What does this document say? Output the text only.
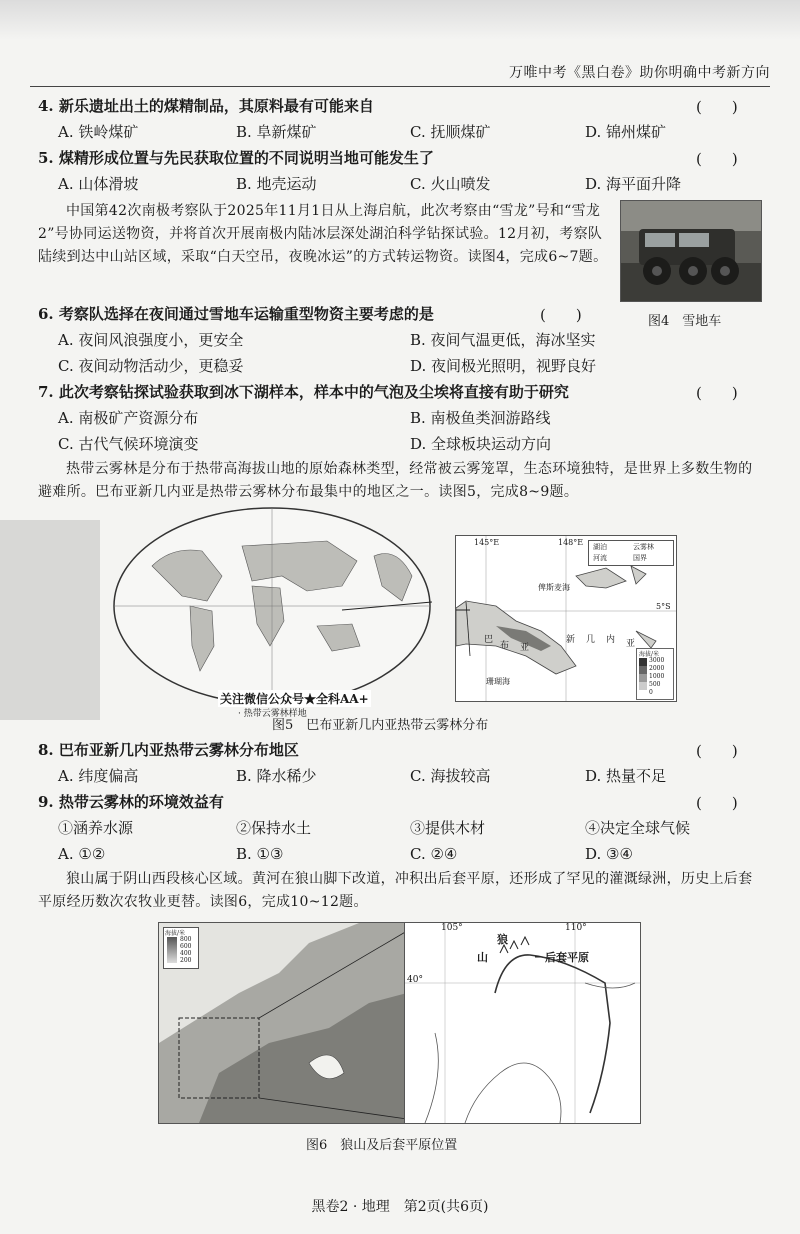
万唯中考《黑白卷》助你明确中考新方向
4. 新乐遗址出土的煤精制品，其原料最有可能来自	(　　)
A. 铁岭煤矿	B. 阜新煤矿	C. 抚顺煤矿	D. 锦州煤矿
5. 煤精形成位置与先民获取位置的不同说明当地可能发生了	(　　)
A. 山体滑坡	B. 地壳运动	C. 火山喷发	D. 海平面升降
中国第42次南极考察队于2025年11月1日从上海启航，此次考察由“雪龙”号和“雪龙2”号协同运送物资，并将首次开展南极内陆冰层深处湖泊科学钻探试验。12月初，考察队陆续到达中山站区域，采取“白天空吊，夜晚冰运”的方式转运物资。读图4，完成6~7题。
图4　雪地车
6. 考察队选择在夜间通过雪地车运输重型物资主要考虑的是	(　　)
A. 夜间风浪强度小，更安全	B. 夜间气温更低，海冰坚实
C. 夜间动物活动少，更稳妥	D. 夜间极光照明，视野良好
7. 此次考察钻探试验获取到冰下湖样本，样本中的气泡及尘埃将直接有助于研究	(　　)
A. 南极矿产资源分布	B. 南极鱼类洄游路线
C. 古代气候环境演变	D. 全球板块运动方向
热带云雾林是分布于热带高海拔山地的原始森林类型，经常被云雾笼罩，生态环境独特，是世界上多数生物的避难所。巴布亚新几内亚是热带云雾林分布最集中的地区之一。读图5，完成8~9题。
关注微信公众号★全科AA+
· 热带云雾林样地
145°E	148°E
5°S
湖泊	云雾林
河流	国界
俾斯麦海
巴
布 亚
新 几 内 亚
珊瑚海
海拔/米
3000
2000
1000
500
0
图5　巴布亚新几内亚热带云雾林分布
8. 巴布亚新几内亚热带云雾林分布地区	(　　)
A. 纬度偏高	B. 降水稀少	C. 海拔较高	D. 热量不足
9. 热带云雾林的环境效益有	(　　)
①涵养水源	②保持水土	③提供木材	④决定全球气候
A. ①②	B. ①③	C. ②④	D. ③④
狼山属于阴山西段核心区域。黄河在狼山脚下改道，冲积出后套平原，还形成了罕见的灌溉绿洲，历史上后套平原经历数次农牧业更替。读图6，完成10~12题。
海拔/米
800
600
400
200
105°	110°
40°
狼
山	后套平原
图6　狼山及后套平原位置
黑卷2 · 地理　第2页(共6页)
